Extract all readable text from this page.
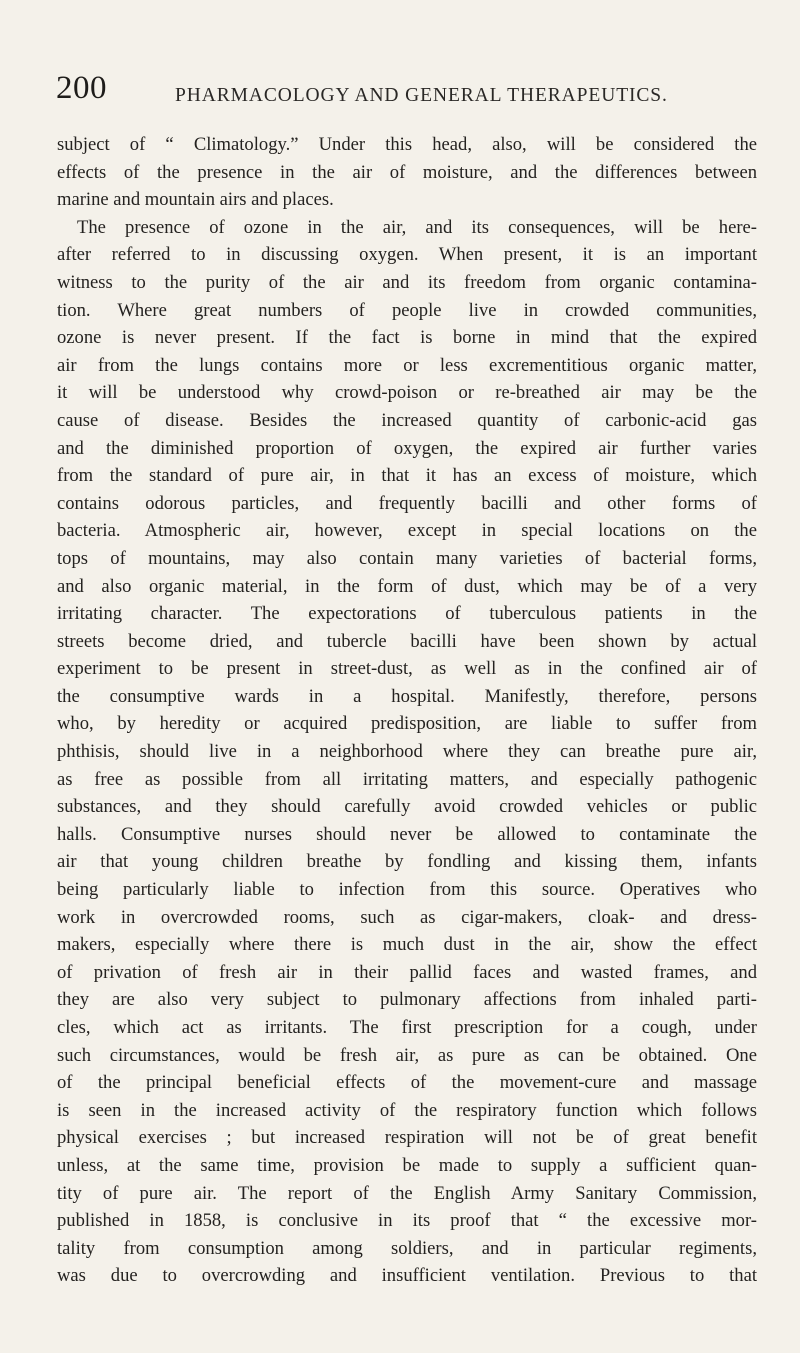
200	PHARMACOLOGY AND GENERAL THERAPEUTICS.
subject of “ Climatology.” Under this head, also, will be considered the
effects of the presence in the air of moisture, and the differences between
marine and mountain airs and places.
The presence of ozone in the air, and its consequences, will be here-
after referred to in discussing oxygen. When present, it is an important
witness to the purity of the air and its freedom from organic contamina-
tion. Where great numbers of people live in crowded communities,
ozone is never present. If the fact is borne in mind that the expired
air from the lungs contains more or less excrementitious organic matter,
it will be understood why crowd-poison or re-breathed air may be the
cause of disease. Besides the increased quantity of carbonic-acid gas
and the diminished proportion of oxygen, the expired air further varies
from the standard of pure air, in that it has an excess of moisture, which
contains odorous particles, and frequently bacilli and other forms of
bacteria. Atmospheric air, however, except in special locations on the
tops of mountains, may also contain many varieties of bacterial forms,
and also organic material, in the form of dust, which may be of a very
irritating character. The expectorations of tuberculous patients in the
streets become dried, and tubercle bacilli have been shown by actual
experiment to be present in street-dust, as well as in the confined air of
the consumptive wards in a hospital. Manifestly, therefore, persons
who, by heredity or acquired predisposition, are liable to suffer from
phthisis, should live in a neighborhood where they can breathe pure air,
as free as possible from all irritating matters, and especially pathogenic
substances, and they should carefully avoid crowded vehicles or public
halls. Consumptive nurses should never be allowed to contaminate the
air that young children breathe by fondling and kissing them, infants
being particularly liable to infection from this source. Operatives who
work in overcrowded rooms, such as cigar-makers, cloak- and dress-
makers, especially where there is much dust in the air, show the effect
of privation of fresh air in their pallid faces and wasted frames, and
they are also very subject to pulmonary affections from inhaled parti-
cles, which act as irritants. The first prescription for a cough, under
such circumstances, would be fresh air, as pure as can be obtained. One
of the principal beneficial effects of the movement-cure and massage
is seen in the increased activity of the respiratory function which follows
physical exercises ; but increased respiration will not be of great benefit
unless, at the same time, provision be made to supply a sufficient quan-
tity of pure air. The report of the English Army Sanitary Commission,
published in 1858, is conclusive in its proof that “ the excessive mor-
tality from consumption among soldiers, and in particular regiments,
was due to overcrowding and insufficient ventilation. Previous to that
